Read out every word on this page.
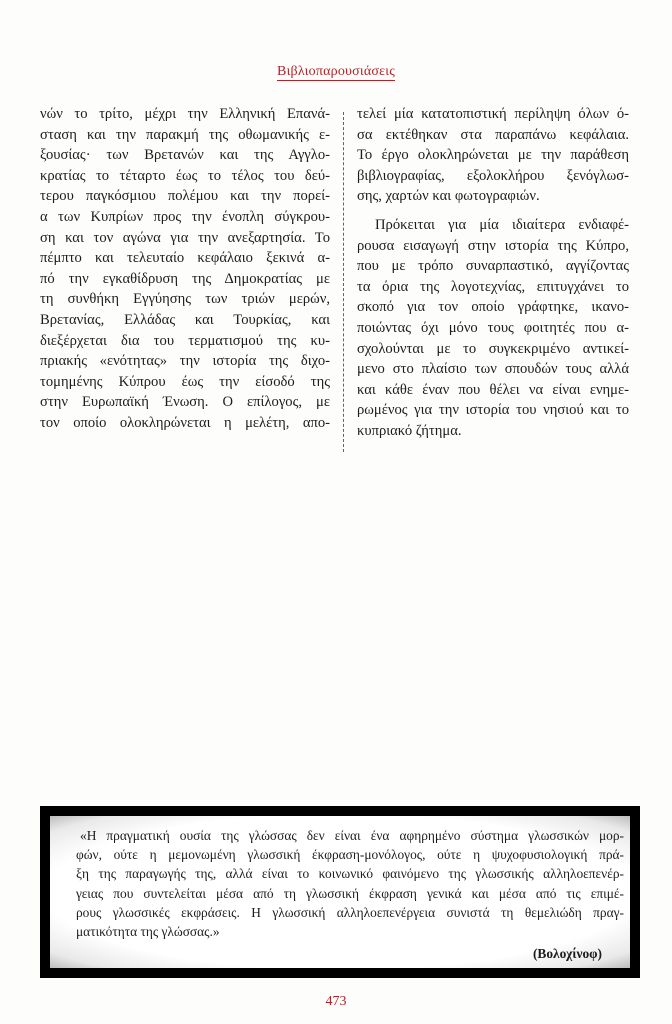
Βιβλιοπαρουσιάσεις
νών το τρίτο, μέχρι την Ελληνική Επανά-
σταση και την παρακμή της οθωμανικής ε-
ξουσίας· των Βρετανών και της Αγγλο-
κρατίας το τέταρτο έως το τέλος του δεύ-
τερου παγκόσμιου πολέμου και την πορεί-
α των Κυπρίων προς την ένοπλη σύγκρου-
ση και τον αγώνα για την ανεξαρτησία. Το
πέμπτο και τελευταίο κεφάλαιο ξεκινά α-
πό την εγκαθίδρυση της Δημοκρατίας με
τη συνθήκη Εγγύησης των τριών μερών,
Βρετανίας, Ελλάδας και Τουρκίας, και
διεξέρχεται δια του τερματισμού της κυ-
πριακής «ενότητας» την ιστορία της διχο-
τομημένης Κύπρου έως την είσοδό της
στην Ευρωπαϊκή Ένωση. Ο επίλογος, με
τον οποίο ολοκληρώνεται η μελέτη, απο-
τελεί μία κατατοπιστική περίληψη όλων ό-
σα εκτέθηκαν στα παραπάνω κεφάλαια.
Το έργο ολοκληρώνεται με την παράθεση
βιβλιογραφίας, εξολοκλήρου ξενόγλωσ-
σης, χαρτών και φωτογραφιών.
Πρόκειται για μία ιδιαίτερα ενδιαφέ-
ρουσα εισαγωγή στην ιστορία της Κύπρο,
που με τρόπο συναρπαστικό, αγγίζοντας
τα όρια της λογοτεχνίας, επιτυγχάνει το
σκοπό για τον οποίο γράφτηκε, ικανο-
ποιώντας όχι μόνο τους φοιτητές που α-
σχολούνται με το συγκεκριμένο αντικεί-
μενο στο πλαίσιο των σπουδών τους αλλά
και κάθε έναν που θέλει να είναι ενημε-
ρωμένος για την ιστορία του νησιού και το
κυπριακό ζήτημα.
«Η πραγματική ουσία της γλώσσας δεν είναι ένα αφηρημένο σύστημα γλωσσικών μορ-
φών, ούτε η μεμονωμένη γλωσσική έκφραση-μονόλογος, ούτε η ψυχοφυσιολογική πρά-
ξη της παραγωγής της, αλλά είναι το κοινωνικό φαινόμενο της γλωσσικής αλληλοεπενέρ-
γειας που συντελείται μέσα από τη γλωσσική έκφραση γενικά και μέσα από τις επιμέ-
ρους γλωσσικές εκφράσεις. Η γλωσσική αλληλοεπενέργεια συνιστά τη θεμελιώδη πραγ-
ματικότητα της γλώσσας.»
(Βολοχίνοφ)
473
